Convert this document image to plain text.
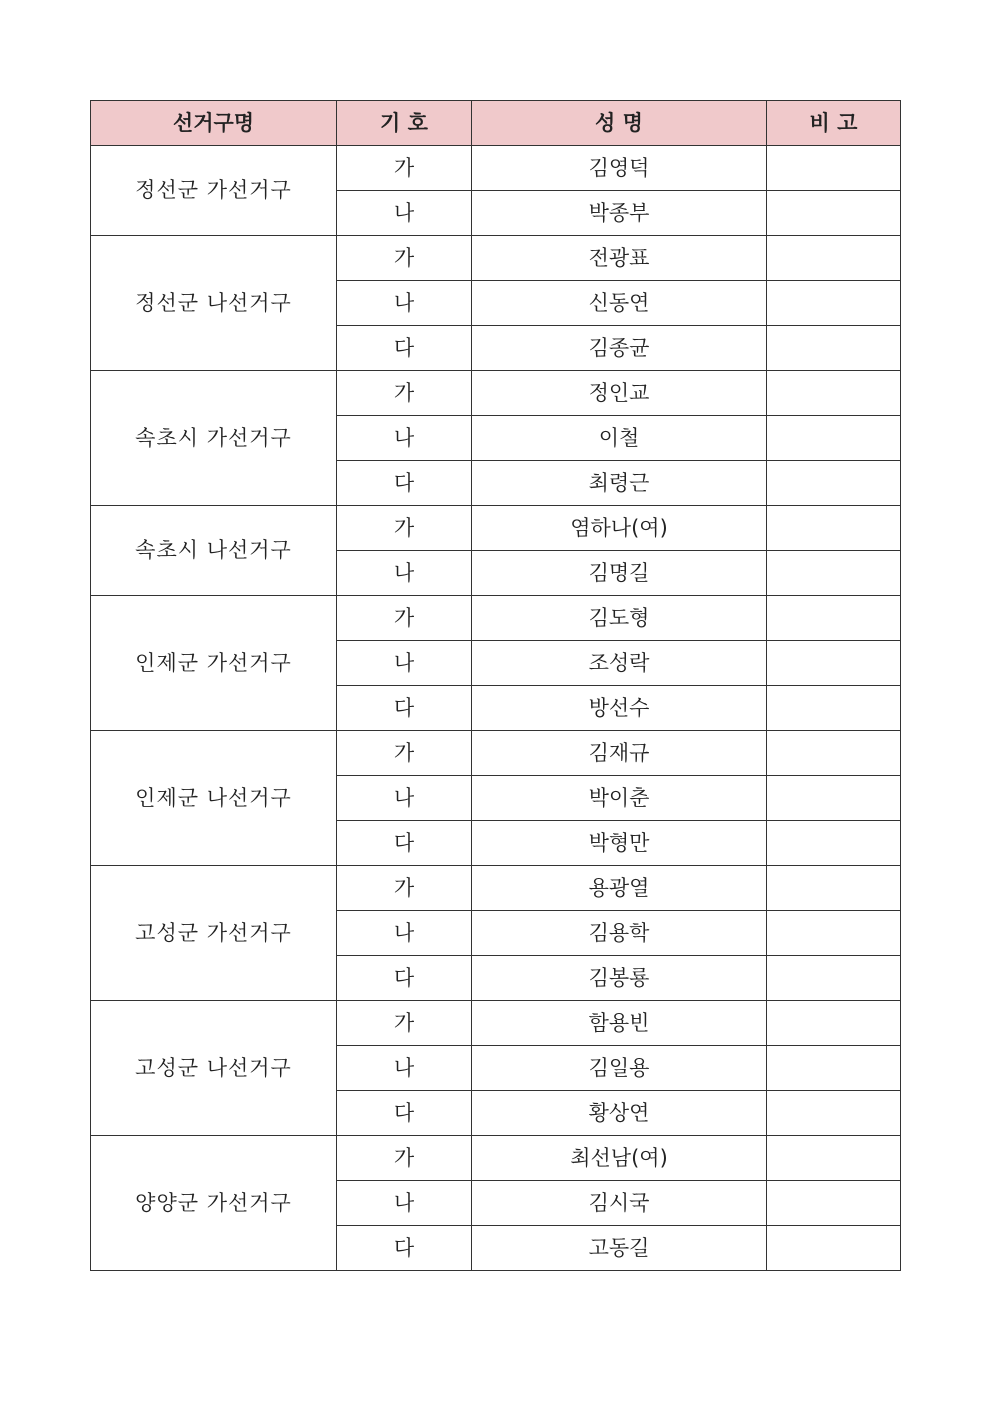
선거구명	기 호	성 명	비 고
정선군 가선거구	가	김영덕	
	나	박종부	
정선군 나선거구	가	전광표	
	나	신동연	
	다	김종균	
속초시 가선거구	가	정인교	
	나	이철	
	다	최령근	
속초시 나선거구	가	염하나(여)	
	나	김명길	
인제군 가선거구	가	김도형	
	나	조성락	
	다	방선수	
인제군 나선거구	가	김재규	
	나	박이춘	
	다	박형만	
고성군 가선거구	가	용광열	
	나	김용학	
	다	김봉룡	
고성군 나선거구	가	함용빈	
	나	김일용	
	다	황상연	
양양군 가선거구	가	최선남(여)	
	나	김시국	
	다	고동길	
